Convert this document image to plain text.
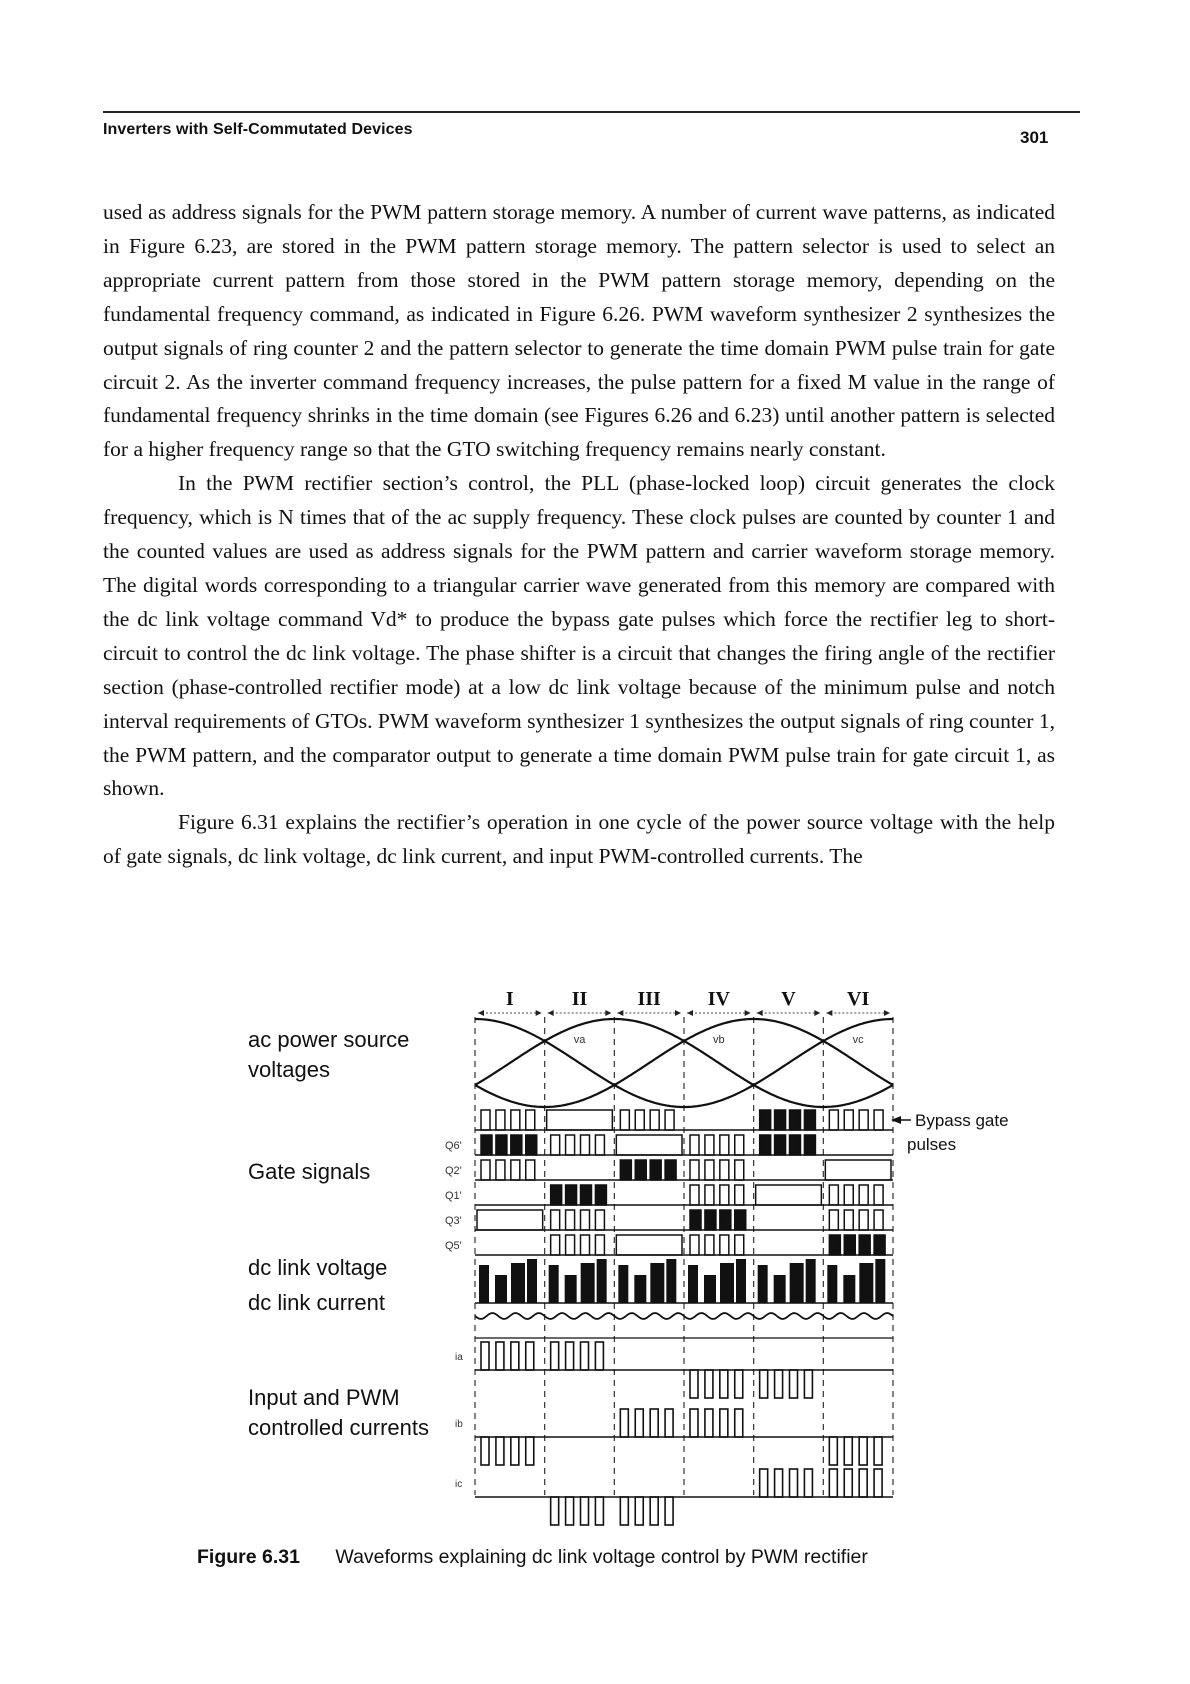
Inverters with Self-Commutated Devices	301

used as address signals for the PWM pattern storage memory. A number of current wave patterns, as indicated in Figure 6.23, are stored in the PWM pattern storage memory. The pattern selector is used to select an appropriate current pattern from those stored in the PWM pattern storage memory, depending on the fundamental frequency command, as indicated in Figure 6.26. PWM waveform synthesizer 2 synthesizes the output signals of ring counter 2 and the pattern selector to generate the time domain PWM pulse train for gate circuit 2. As the inverter command frequency increases, the pulse pattern for a fixed M value in the range of fundamental frequency shrinks in the time domain (see Figures 6.26 and 6.23) until another pattern is selected for a higher frequency range so that the GTO switching frequency remains nearly constant.

In the PWM rectifier section’s control, the PLL (phase-locked loop) circuit generates the clock frequency, which is N times that of the ac supply frequency. These clock pulses are counted by counter 1 and the counted values are used as address signals for the PWM pattern and carrier waveform storage memory. The digital words corresponding to a triangular carrier wave generated from this memory are compared with the dc link voltage command Vd* to produce the bypass gate pulses which force the rectifier leg to short-circuit to control the dc link voltage. The phase shifter is a circuit that changes the firing angle of the rectifier section (phase-controlled rectifier mode) at a low dc link voltage because of the minimum pulse and notch interval requirements of GTOs. PWM waveform synthesizer 1 synthesizes the output signals of ring counter 1, the PWM pattern, and the comparator output to generate a time domain PWM pulse train for gate circuit 1, as shown.

Figure 6.31 explains the rectifier’s operation in one cycle of the power source voltage with the help of gate signals, dc link voltage, dc link current, and input PWM-controlled currents. The

ac power source
voltages
Gate signals
dc link voltage
dc link current
Input and PWM
controlled currents
I	II	III IV	V	VI
va	vb	vc
Q6'
Q2'
Q1'
Q3'
Q5'
Bypass gate
pulses
ia
ib
ic
Figure 6.31 Waveforms explaining dc link voltage control by PWM rectifier
